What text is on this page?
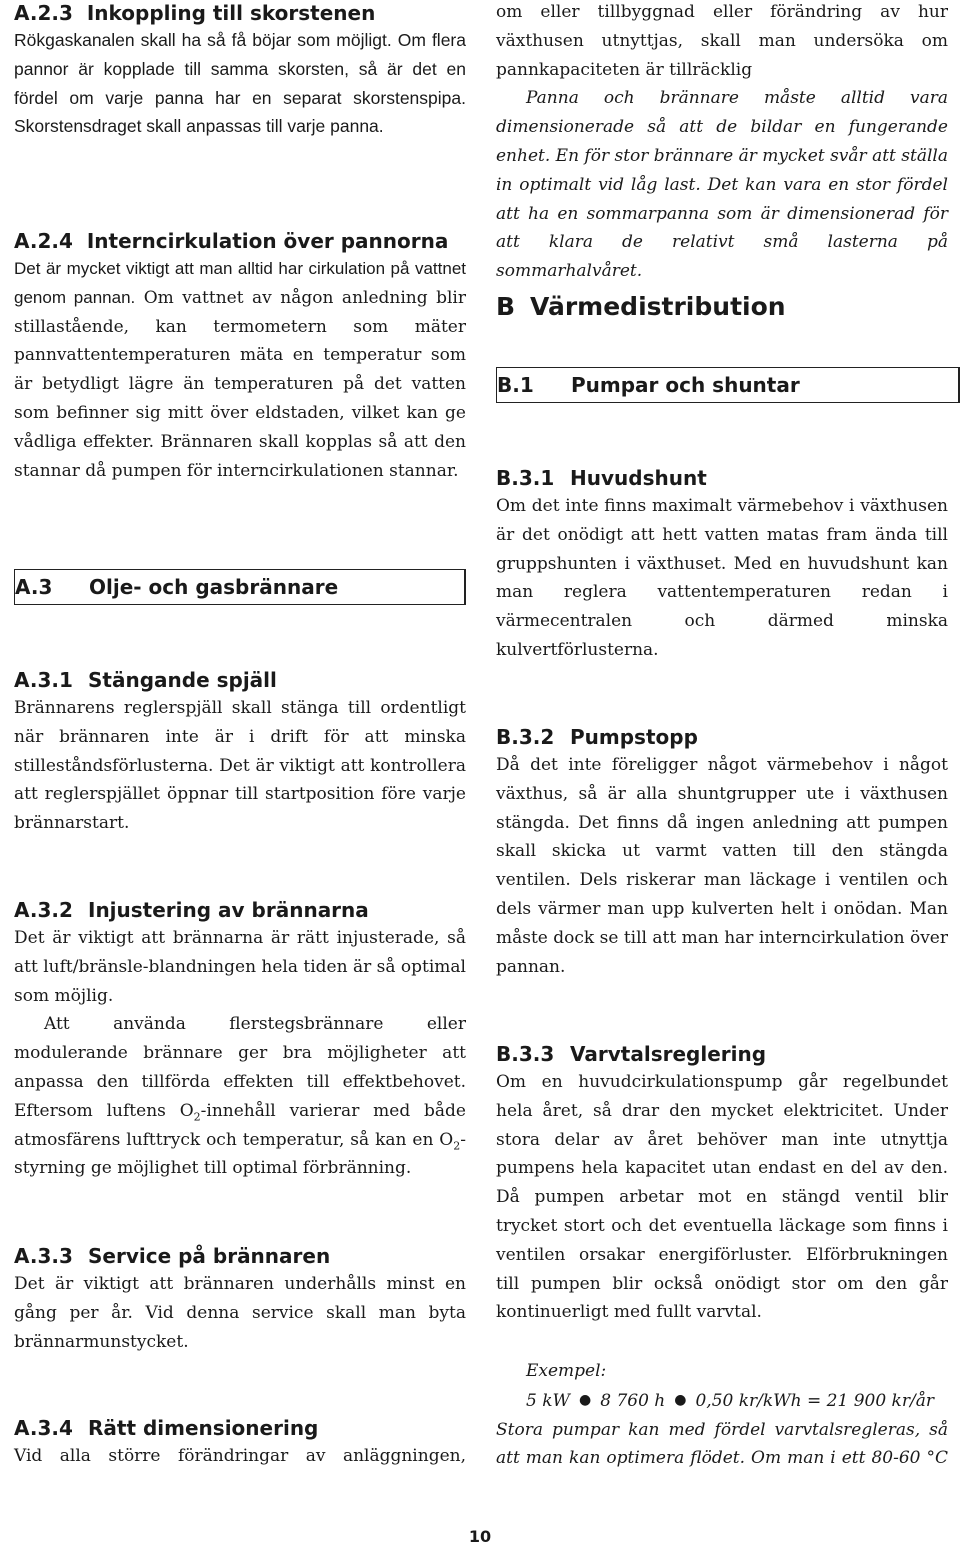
A.2.3 Inkoppling till skorstenen

Rökgaskanalen skall ha så få böjar som möjligt. Om flera pannor är kopplade till samma skorsten, så är det en fördel om varje panna har en separat skorstenspipa. Skorstensdraget skall anpassas till varje panna.

A.2.4 Interncirkulation över pannorna

Det är mycket viktigt att man alltid har cirkulation på vattnet genom pannan. Om vattnet av någon anledning blir stillastående, kan termometern som mäter pannvattentemperaturen mäta en temperatur som är betydligt lägre än temperaturen på det vatten som befinner sig mitt över eldstaden, vilket kan ge vådliga effekter. Brännaren skall kopplas så att den stannar då pumpen för interncirkulationen stannar.

A.3	Olje- och gasbrännare
A.3.1 Stängande spjäll

Brännarens reglerspjäll skall stänga till ordentligt när brännaren inte är i drift för att minska stilleståndsförlusterna. Det är viktigt att kontrollera att reglerspjället öppnar till startposition före varje brännarstart.

A.3.2 Injustering av brännarna

Det är viktigt att brännarna är rätt injusterade, så att luft/bränsle-blandningen hela tiden är så optimal som möjlig.

Att använda flerstegsbrännare eller modulerande brännare ger bra möjligheter att anpassa den tillförda effekten till effektbehovet. Eftersom luftens $O_2$-innehåll varierar med både atmosfärens lufttryck och temperatur, så kan en $O_2$-styrning ge möjlighet till optimal förbränning.

A.3.3 Service på brännaren

Det är viktigt att brännaren underhålls minst en gång per år. Vid denna service skall man byta brännarmunstycket.

A.3.4 Rätt dimensionering

Vid alla större förändringar av anläggningen,

om eller tillbyggnad eller förändring av hur växthusen utnyttjas, skall man undersöka om pannkapaciteten är tillräcklig

Panna och brännare måste alltid vara dimensionerade så att de bildar en fungerande enhet. En för stor brännare är mycket svår att ställa in optimalt vid låg last. Det kan vara en stor fördel att ha en sommarpanna som är dimensionerad för att klara de relativt små lasterna på sommarhalvåret.

B Värmedistribution
B.1	Pumpar och shuntar
B.3.1 Huvudshunt

Om det inte finns maximalt värmebehov i växthusen är det onödigt att hett vatten matas fram ända till gruppshunten i växthuset. Med en huvudshunt kan man reglera vattentemperaturen redan i värmecentralen och därmed minska kulvertförlusterna.

B.3.2 Pumpstopp

Då det inte föreligger något värmebehov i något växthus, så är alla shuntgrupper ute i växthusen stängda. Det finns då ingen anledning att pumpen skall skicka ut varmt vatten till den stängda ventilen. Dels riskerar man läckage i ventilen och dels värmer man upp kulverten helt i onödan. Man måste dock se till att man har interncirkulation över pannan.

B.3.3 Varvtalsreglering

Om en huvudcirkulationspump går regelbundet hela året, så drar den mycket elektricitet. Under stora delar av året behöver man inte utnyttja pumpens hela kapacitet utan endast en del av den. Då pumpen arbetar mot en stängd ventil blir trycket stort och det eventuella läckage som finns i ventilen orsakar energiförluster. Elförbrukningen till pumpen blir också onödigt stor om den går kontinuerligt med fullt varvtal.

Exempel:

5 kW ● 8 760 h ● 0,50 kr/kWh = 21 900 kr/år

Stora pumpar kan med fördel varvtalsregleras, så att man kan optimera flödet. Om man i ett 80-60 °C

10
